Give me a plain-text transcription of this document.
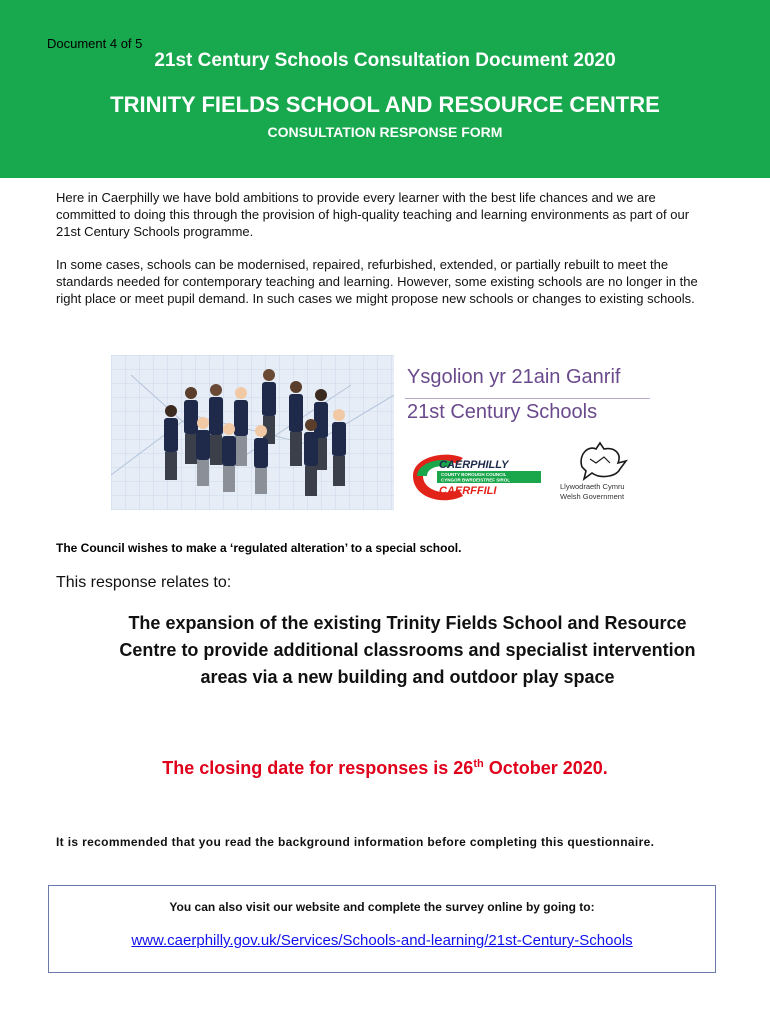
Document 4 of 5
21st Century Schools Consultation Document 2020
TRINITY FIELDS SCHOOL AND RESOURCE CENTRE
CONSULTATION RESPONSE FORM
Here in Caerphilly we have bold ambitions to provide every learner with the best life chances and we are committed to doing this through the provision of high-quality teaching and learning environments as part of our 21st Century Schools programme.
In some cases, schools can be modernised, repaired, refurbished, extended, or partially rebuilt to meet the standards needed for contemporary teaching and learning. However, some existing schools are no longer in the right place or meet pupil demand. In such cases we might propose new schools or changes to existing schools.
Ysgolion yr 21ain Ganrif
21st Century Schools
CAERPHILLY
COUNTY BOROUGH COUNCIL
CYNGOR BWRDEISTREF SIROL
CAERFFILI	Llywodraeth Cymru
Welsh Government
The Council wishes to make a ‘regulated alteration’ to a special school.
This response relates to:
The expansion of the existing Trinity Fields School and Resource Centre to provide additional classrooms and specialist intervention areas via a new building and outdoor play space
The closing date for responses is 26th October 2020.
It is recommended that you read the background information before completing this questionnaire.
You can also visit our website and complete the survey online by going to:
www.caerphilly.gov.uk/Services/Schools-and-learning/21st-Century-Schools
